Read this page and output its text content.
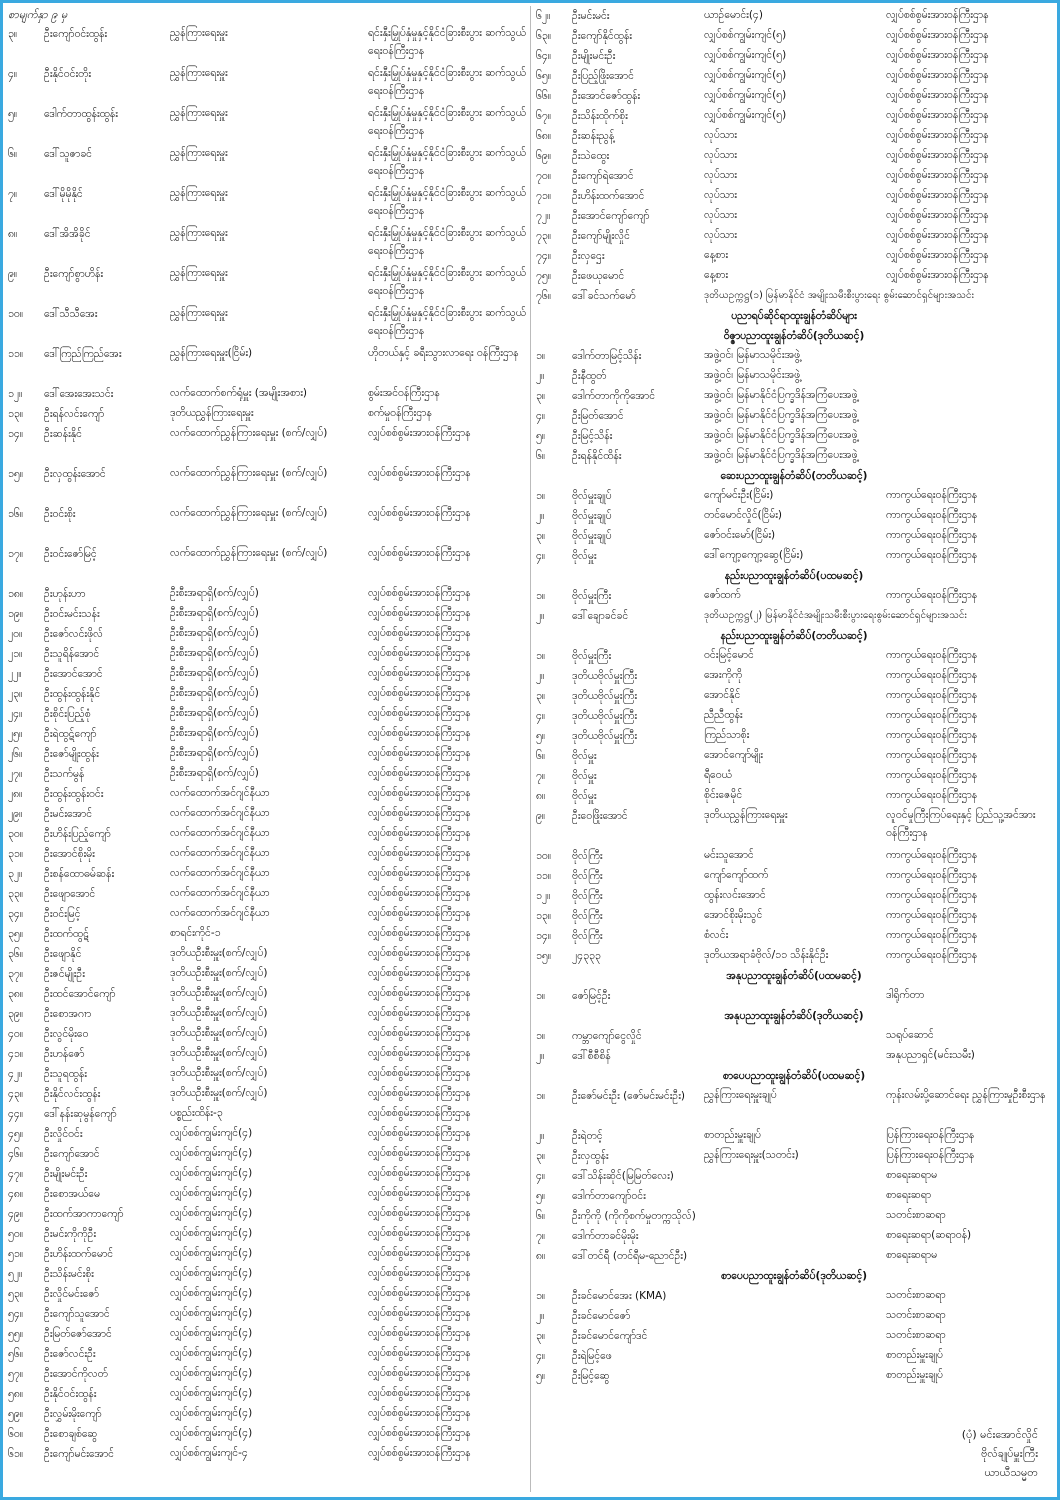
စာမျက်နှာ ၉ မှ
၃။	ဦးကျော်ဝင်းထွန်း	ညွှန်ကြားရေးမှူး	ရင်းနှီးမြှုပ်နှံမှုနှင့်နိုင်ငံခြားစီးပွား ဆက်သွယ်ရေးဝန်ကြီးဌာန
၄။	ဦးနိုင်ဝင်းတိုး	ညွှန်ကြားရေးမှူး	ရင်းနှီးမြှုပ်နှံမှုနှင့်နိုင်ငံခြားစီးပွား ဆက်သွယ်ရေးဝန်ကြီးဌာန
၅။	ဒေါက်တာထွန်းထွန်း	ညွှန်ကြားရေးမှူး	ရင်းနှီးမြှုပ်နှံမှုနှင့်နိုင်ငံခြားစီးပွား ဆက်သွယ်ရေးဝန်ကြီးဌာန
၆။	ဒေါ်သူဇာခင်	ညွှန်ကြားရေးမှူး	ရင်းနှီးမြှုပ်နှံမှုနှင့်နိုင်ငံခြားစီးပွား ဆက်သွယ်ရေးဝန်ကြီးဌာန
၇။	ဒေါ်မိုမိုနိုင်	ညွှန်ကြားရေးမှူး	ရင်းနှီးမြှုပ်နှံမှုနှင့်နိုင်ငံခြားစီးပွား ဆက်သွယ်ရေးဝန်ကြီးဌာန
၈။	ဒေါ်အိအိခိုင်	ညွှန်ကြားရေးမှူး	ရင်းနှီးမြှုပ်နှံမှုနှင့်နိုင်ငံခြားစီးပွား ဆက်သွယ်ရေးဝန်ကြီးဌာန
၉။	ဦးကျော်စွာဟိန်း	ညွှန်ကြားရေးမှူး	ရင်းနှီးမြှုပ်နှံမှုနှင့်နိုင်ငံခြားစီးပွား ဆက်သွယ်ရေးဝန်ကြီးဌာန
၁၀။	ဒေါ်သီသီအေး	ညွှန်ကြားရေးမှူး	ရင်းနှီးမြှုပ်နှံမှုနှင့်နိုင်ငံခြားစီးပွား ဆက်သွယ်ရေးဝန်ကြီးဌာန
၁၁။	ဒေါ်ကြည်ကြည်အေး	ညွှန်ကြားရေးမှူး(ငြိမ်း)	ဟိုတယ်နှင့် ခရီးသွားလာရေး ဝန်ကြီးဌာန
၁၂။	ဒေါ်အေးအေးသင်း	လက်ထောက်စက်ရုံမှူး (အမျိုးအစား)	စွမ်းအင်ဝန်ကြီးဌာန
၁၃။	ဦးရန်လင်းကျော်	ဒုတိယညွှန်ကြားရေးမှူး	စက်မှုဝန်ကြီးဌာန
၁၄။	ဦးဆန်းနိုင်	လက်ထောက်ညွှန်ကြားရေးမှူး (စက်/လျှပ်)	လျှပ်စစ်စွမ်းအားဝန်ကြီးဌာန
၁၅။	ဦးလှထွန်းအောင်	လက်ထောက်ညွှန်ကြားရေးမှူး (စက်/လျှပ်)	လျှပ်စစ်စွမ်းအားဝန်ကြီးဌာန
၁၆။	ဦးဝင်းစိုး	လက်ထောက်ညွှန်ကြားရေးမှူး (စက်/လျှပ်)	လျှပ်စစ်စွမ်းအားဝန်ကြီးဌာန
၁၇။	ဦးဝင်းဇော်မြင့်	လက်ထောက်ညွှန်ကြားရေးမှူး (စက်/လျှပ်)	လျှပ်စစ်စွမ်းအားဝန်ကြီးဌာန
၁၈။	ဦးဟုန်းဟာ	ဦးစီးအရာရှိ(စက်/လျှပ်)	လျှပ်စစ်စွမ်းအားဝန်ကြီးဌာန
၁၉။	ဦးဝင်းမင်းသန်း	ဦးစီးအရာရှိ(စက်/လျှပ်)	လျှပ်စစ်စွမ်းအားဝန်ကြီးဌာန
၂၀။	ဦးဇော်လင်းဖိုလ်	ဦးစီးအရာရှိ(စက်/လျှပ်)	လျှပ်စစ်စွမ်းအားဝန်ကြီးဌာန
၂၁။	ဦးသူရိန်အောင်	ဦးစီးအရာရှိ(စက်/လျှပ်)	လျှပ်စစ်စွမ်းအားဝန်ကြီးဌာန
၂၂။	ဦးအောင်အောင်	ဦးစီးအရာရှိ(စက်/လျှပ်)	လျှပ်စစ်စွမ်းအားဝန်ကြီးဌာန
၂၃။	ဦးထွန်းထွန်းနိုင်	ဦးစီးအရာရှိ(စက်/လျှပ်)	လျှပ်စစ်စွမ်းအားဝန်ကြီးဌာန
၂၄။	ဦးစိုင်းပြည့်စုံ	ဦးစီးအရာရှိ(စက်/လျှပ်)	လျှပ်စစ်စွမ်းအားဝန်ကြီးဌာန
၂၅။	ဦးရဲထွဋ်ကျော်	ဦးစီးအရာရှိ(စက်/လျှပ်)	လျှပ်စစ်စွမ်းအားဝန်ကြီးဌာန
၂၆။	ဦးဇော်မျိုးထွန်း	ဦးစီးအရာရှိ(စက်/လျှပ်)	လျှပ်စစ်စွမ်းအားဝန်ကြီးဌာန
၂၇။	ဦးသက်မွန်	ဦးစီးအရာရှိ(စက်/လျှပ်)	လျှပ်စစ်စွမ်းအားဝန်ကြီးဌာန
၂၈။	ဦးထွန်းထွန်းဝင်း	လက်ထောက်အင်ဂျင်နီယာ	လျှပ်စစ်စွမ်းအားဝန်ကြီးဌာန
၂၉။	ဦးမင်းအောင်	လက်ထောက်အင်ဂျင်နီယာ	လျှပ်စစ်စွမ်းအားဝန်ကြီးဌာန
၃၀။	ဦးဟိန်းပြည့်ကျော်	လက်ထောက်အင်ဂျင်နီယာ	လျှပ်စစ်စွမ်းအားဝန်ကြီးဌာန
၃၁။	ဦးအောင်စိုးမိုး	လက်ထောက်အင်ဂျင်နီယာ	လျှပ်စစ်စွမ်းအားဝန်ကြီးဌာန
၃၂။	ဦးစန်ထောဓမ်ဆန်း	လက်ထောက်အင်ဂျင်နီယာ	လျှပ်စစ်စွမ်းအားဝန်ကြီးဌာန
၃၃။	ဦးဖျောအောင်	လက်ထောက်အင်ဂျင်နီယာ	လျှပ်စစ်စွမ်းအားဝန်ကြီးဌာန
၃၄။	ဦးဝင်းမြင့်	လက်ထောက်အင်ဂျင်နီယာ	လျှပ်စစ်စွမ်းအားဝန်ကြီးဌာန
၃၅။	ဦးထက်ထွဋ်	စာရင်းကိုင်-၁	လျှပ်စစ်စွမ်းအားဝန်ကြီးဌာန
၃၆။	ဦးဖျောနိုင်	ဒုတိယဦးစီးမှူး(စက်/လျှပ်)	လျှပ်စစ်စွမ်းအားဝန်ကြီးဌာန
၃၇။	ဦးဇင်မျိုးဦး	ဒုတိယဦးစီးမှူး(စက်/လျှပ်)	လျှပ်စစ်စွမ်းအားဝန်ကြီးဌာန
၃၈။	ဦးထင်အောင်ကျော်	ဒုတိယဦးစီးမှူး(စက်/လျှပ်)	လျှပ်စစ်စွမ်းအားဝန်ကြီးဌာန
၃၉။	ဦးစောအဂၢာ	ဒုတိယဦးစီးမှူး(စက်/လျှပ်)	လျှပ်စစ်စွမ်းအားဝန်ကြီးဌာန
၄၀။	ဦးလွင်မိုးဝေ	ဒုတိယဦးစီးမှူး(စက်/လျှပ်)	လျှပ်စစ်စွမ်းအားဝန်ကြီးဌာန
၄၁။	ဦးဟန်ဇော်	ဒုတိယဦးစီးမှူး(စက်/လျှပ်)	လျှပ်စစ်စွမ်းအားဝန်ကြီးဌာန
၄၂။	ဦးသူရထွန်း	ဒုတိယဦးစီးမှူး(စက်/လျှပ်)	လျှပ်စစ်စွမ်းအားဝန်ကြီးဌာန
၄၃။	ဦးနိုင်လင်းထွန်း	ဒုတိယဦးစီးမှူး(စက်/လျှပ်)	လျှပ်စစ်စွမ်းအားဝန်ကြီးဌာန
၄၄။	ဒေါ်နန်းဆုမွန်ကျော်	ပစ္စည်းထိန်း-၃	လျှပ်စစ်စွမ်းအားဝန်ကြီးဌာန
၄၅။	ဦးလှိုင်ဝင်း	လျှပ်စစ်ကျွမ်းကျင်(၄)	လျှပ်စစ်စွမ်းအားဝန်ကြီးဌာန
၄၆။	ဦးကျော်အောင်	လျှပ်စစ်ကျွမ်းကျင်(၄)	လျှပ်စစ်စွမ်းအားဝန်ကြီးဌာန
၄၇။	ဦးမျိုးမင်းဦး	လျှပ်စစ်ကျွမ်းကျင်(၄)	လျှပ်စစ်စွမ်းအားဝန်ကြီးဌာန
၄၈။	ဦးစောအယ်မေ	လျှပ်စစ်ကျွမ်းကျင်(၄)	လျှပ်စစ်စွမ်းအားဝန်ကြီးဌာန
၄၉။	ဦးထက်အာကာကျော်	လျှပ်စစ်ကျွမ်းကျင်(၄)	လျှပ်စစ်စွမ်းအားဝန်ကြီးဌာန
၅၀။	ဦးမင်းကိုကိုဦး	လျှပ်စစ်ကျွမ်းကျင်(၄)	လျှပ်စစ်စွမ်းအားဝန်ကြီးဌာန
၅၁။	ဦးဟိန်းထက်မောင်	လျှပ်စစ်ကျွမ်းကျင်(၄)	လျှပ်စစ်စွမ်းအားဝန်ကြီးဌာန
၅၂။	ဦးသိန်းမင်းစိုး	လျှပ်စစ်ကျွမ်းကျင်(၄)	လျှပ်စစ်စွမ်းအားဝန်ကြီးဌာန
၅၃။	ဦးလှိုင်မင်းဇော်	လျှပ်စစ်ကျွမ်းကျင်(၄)	လျှပ်စစ်စွမ်းအားဝန်ကြီးဌာန
၅၄။	ဦးကျော်သူအောင်	လျှပ်စစ်ကျွမ်းကျင်(၄)	လျှပ်စစ်စွမ်းအားဝန်ကြီးဌာန
၅၅။	ဦးမြတ်ဇော်အောင်	လျှပ်စစ်ကျွမ်းကျင်(၄)	လျှပ်စစ်စွမ်းအားဝန်ကြီးဌာန
၅၆။	ဦးဇော်လင်းဦး	လျှပ်စစ်ကျွမ်းကျင်(၄)	လျှပ်စစ်စွမ်းအားဝန်ကြီးဌာန
၅၇။	ဦးအောင်ကိုလတ်	လျှပ်စစ်ကျွမ်းကျင်(၄)	လျှပ်စစ်စွမ်းအားဝန်ကြီးဌာန
၅၈။	ဦးနိုင်ဝင်းထွန်း	လျှပ်စစ်ကျွမ်းကျင်(၄)	လျှပ်စစ်စွမ်းအားဝန်ကြီးဌာန
၅၉။	ဦးလွှမ်းမိုးကျော်	လျှပ်စစ်ကျွမ်းကျင်(၄)	လျှပ်စစ်စွမ်းအားဝန်ကြီးဌာန
၆၀။	ဦးစောချစ်ဆွေ	လျှပ်စစ်ကျွမ်းကျင်(၄)	လျှပ်စစ်စွမ်းအားဝန်ကြီးဌာန
၆၁။	ဦးကျော်မင်းအောင်	လျှပ်စစ်ကျွမ်းကျင်-၄	လျှပ်စစ်စွမ်းအားဝန်ကြီးဌာန
၆၂။	ဦးမင်းမင်း	ယာဉ်မောင်း(၄)	လျှပ်စစ်စွမ်းအားဝန်ကြီးဌာန
၆၃။	ဦးကျော်နိုင်ထွန်း	လျှပ်စစ်ကျွမ်းကျင်(၅)	လျှပ်စစ်စွမ်းအားဝန်ကြီးဌာန
၆၄။	ဦးမျိုးမင်းဦး	လျှပ်စစ်ကျွမ်းကျင်(၅)	လျှပ်စစ်စွမ်းအားဝန်ကြီးဌာန
၆၅။	ဦးပြည့်ဖြိုးအောင်	လျှပ်စစ်ကျွမ်းကျင်(၅)	လျှပ်စစ်စွမ်းအားဝန်ကြီးဌာန
၆၆။	ဦးအောင်ဇော်ထွန်း	လျှပ်စစ်ကျွမ်းကျင်(၅)	လျှပ်စစ်စွမ်းအားဝန်ကြီးဌာန
၆၇။	ဦးသိန်းထိုက်စိုး	လျှပ်စစ်ကျွမ်းကျင်(၅)	လျှပ်စစ်စွမ်းအားဝန်ကြီးဌာန
၆၈။	ဦးဆန်းညွန့်	လုပ်သား	လျှပ်စစ်စွမ်းအားဝန်ကြီးဌာန
၆၉။	ဦးသဲထွေး	လုပ်သား	လျှပ်စစ်စွမ်းအားဝန်ကြီးဌာန
၇၀။	ဦးကျော်ရဲအောင်	လုပ်သား	လျှပ်စစ်စွမ်းအားဝန်ကြီးဌာန
၇၁။	ဦးဟိန်းထက်အောင်	လုပ်သား	လျှပ်စစ်စွမ်းအားဝန်ကြီးဌာန
၇၂။	ဦးအောင်ကျော်ကျော်	လုပ်သား	လျှပ်စစ်စွမ်းအားဝန်ကြီးဌာန
၇၃။	ဦးကျော်မျိုးလှိုင်	လုပ်သား	လျှပ်စစ်စွမ်းအားဝန်ကြီးဌာန
၇၄။	ဦးလှဌေး	နေ့စား	လျှပ်စစ်စွမ်းအားဝန်ကြီးဌာန
၇၅။	ဦးဖေယုမောင်	နေ့စား	လျှပ်စစ်စွမ်းအားဝန်ကြီးဌာန
၇၆။	ဒေါ်ခင်သက်မော်	ဒုတိယဥက္ကဋ္ဌ(၁) မြန်မာနိုင်ငံ အမျိုးသမီးစီးပွားရေး စွမ်းဆောင်ရှင်များအသင်း
ပညာရပ်ဆိုင်ရာထူးချွန်တံဆိပ်များ
ဝိဇ္ဇာပညာထူးချွန်တံဆိပ်(ဒုတိယဆင့်)
၁။	ဒေါက်တာမြင့်သိန်း	အဖွဲ့ဝင်၊ မြန်မာသမိုင်းအဖွဲ့
၂။	ဦးနီထွတ်	အဖွဲ့ဝင်၊ မြန်မာသမိုင်းအဖွဲ့
၃။	ဒေါက်တာကိုကိုအောင်	အဖွဲ့ဝင်၊ မြန်မာနိုင်ငံပြက္ခဒိန်အကြံပေးအဖွဲ့
၄။	ဦးမြတ်အောင်	အဖွဲ့ဝင်၊ မြန်မာနိုင်ငံပြက္ခဒိန်အကြံပေးအဖွဲ့
၅။	ဦးမြင့်သိန်း	အဖွဲ့ဝင်၊ မြန်မာနိုင်ငံပြက္ခဒိန်အကြံပေးအဖွဲ့
၆။	ဦးရန်နိုင်ထိန်း	အဖွဲ့ဝင်၊ မြန်မာနိုင်ငံပြက္ခဒိန်အကြံပေးအဖွဲ့
ဆေးပညာထူးချွန်တံဆိပ်(တတိယဆင့်)
၁။	ဗိုလ်မှူးချုပ်	ကျော်မင်းဦး(ငြိမ်း)	ကာကွယ်ရေးဝန်ကြီးဌာန
၂။	ဗိုလ်မှူးချုပ်	တင်မောင်လှိုင်(ငြိမ်း)	ကာကွယ်ရေးဝန်ကြီးဌာန
၃။	ဗိုလ်မှူးချုပ်	ဇော်ဝင်းမော်(ငြိမ်း)	ကာကွယ်ရေးဝန်ကြီးဌာန
၄။	ဗိုလ်မှူး	ဒေါ်ကျော့ကျော့ဆွေ(ငြိမ်း)	ကာကွယ်ရေးဝန်ကြီးဌာန
နည်းပညာထူးချွန်တံဆိပ်(ပထမဆင့်)
၁။	ဗိုလ်မှူးကြီး	ဇော်ထက်	ကာကွယ်ရေးဝန်ကြီးဌာန
၂။	ဒေါ်ချောခင်ခင်	ဒုတိယဥက္ကဋ္ဌ(၂) မြန်မာနိုင်ငံအမျိုးသမီးစီးပွားရေးစွမ်းဆောင်ရှင်များအသင်း
နည်းပညာထူးချွန်တံဆိပ်(တတိယဆင့်)
၁။	ဗိုလ်မှူးကြီး	ဝင်းမြင့်မောင်	ကာကွယ်ရေးဝန်ကြီးဌာန
၂။	ဒုတိယဗိုလ်မှူးကြီး	အေးကိုကို	ကာကွယ်ရေးဝန်ကြီးဌာန
၃။	ဒုတိယဗိုလ်မှူးကြီး	အောင်နိုင်	ကာကွယ်ရေးဝန်ကြီးဌာန
၄။	ဒုတိယဗိုလ်မှူးကြီး	ညီညီထွန်း	ကာကွယ်ရေးဝန်ကြီးဌာန
၅။	ဒုတိယဗိုလ်မှူးကြီး	ကြည်သာစိုး	ကာကွယ်ရေးဝန်ကြီးဌာန
၆။	ဗိုလ်မှူး	အောင်ကျော်မျိုး	ကာကွယ်ရေးဝန်ကြီးဌာန
၇။	ဗိုလ်မှူး	ရီဝေယံ	ကာကွယ်ရေးဝန်ကြီးဌာန
၈။	ဗိုလ်မှူး	စိုင်းဇေမိုင်	ကာကွယ်ရေးဝန်ကြီးဌာန
၉။	ဦးဝေဖြိုးအောင်	ဒုတိယညွှန်ကြားရေးမှူး	လူဝင်မှုကြီးကြပ်ရေးနှင့် ပြည်သူ့အင်အားဝန်ကြီးဌာန
၁၀။	ဗိုလ်ကြီး	မင်းသူအောင်	ကာကွယ်ရေးဝန်ကြီးဌာန
၁၁။	ဗိုလ်ကြီး	ကျော်ကျော်ထက်	ကာကွယ်ရေးဝန်ကြီးဌာန
၁၂။	ဗိုလ်ကြီး	ထွန်းလင်းအောင်	ကာကွယ်ရေးဝန်ကြီးဌာန
၁၃။	ဗိုလ်ကြီး	အောင်စိုးမိုးသွင်	ကာကွယ်ရေးဝန်ကြီးဌာန
၁၄။	ဗိုလ်ကြီး	စံလင်း	ကာကွယ်ရေးဝန်ကြီးဌာန
၁၅။	၂၄၃၃၃	ဒုတိယအရာခံဗိုလ်/၁၁ သိန်းနိုင်ဦး	ကာကွယ်ရေးဝန်ကြီးဌာန
အနုပညာထူးချွန်တံဆိပ်(ပထမဆင့်)
၁။	ဇော်မြင့်ဦး	ဒါရိုက်တာ
အနုပညာထူးချွန်တံဆိပ်(ဒုတိယဆင့်)
၁။	ကမ္ဘာကျော်ငွေလှိုင်	သရုပ်ဆောင်
၂။	ဒေါ်စီစီစိန်	အနုပညာရှင်(မင်းသမီး)
စာပေပညာထူးချွန်တံဆိပ်(ပထမဆင့်)
၁။	ဦးဇော်မင်းဦး (ဇော်မင်းမင်းဦး)	ညွှန်ကြားရေးမှူးချုပ်	ကုန်းလမ်းပို့ဆောင်ရေး ညွှန်ကြားမှုဦးစီးဌာန
၂။	ဦးရဲတင့်	စာတည်းမှူးချုပ်	ပြန်ကြားရေးဝန်ကြီးဌာန
၃။	ဦးလှထွန်း	ညွှန်ကြားရေးမှူး(သတင်း)	ပြန်ကြားရေးဝန်ကြီးဌာန
၄။	ဒေါ်သိန်းဆိုင်(မြမြတ်လေး)	စာရေးဆရာမ
၅။	ဒေါက်တာကျော်ဝင်း	စာရေးဆရာ
၆။	ဦးကိုကို (ကိုကိုစက်မှုတက္ကသိုလ်)	သတင်းစာဆရာ
၇။	ဒေါက်တာခင်မိုးမိုး	စာရေးဆရာ(ဆရာဝန်)
၈။	ဒေါ်တင်ရီ (တင်ရီမ-ညောင်ဦး)	စာရေးဆရာမ
စာပေပညာထူးချွန်တံဆိပ်(ဒုတိယဆင့်)
၁။	ဦးခင်မောင်အေး (KMA)	သတင်းစာဆရာ
၂။	ဦးခင်မောင်ဇော်	သတင်းစာဆရာ
၃။	ဦးခင်မောင်ကျော်ဒင်	သတင်းစာဆရာ
၄။	ဦးရဲမြင့်ဖေ	စာတည်းမှူးချုပ်
၅။	ဦးမြင့်ဆွေ	စာတည်းမှူးချုပ်
(ပုံ) မင်းအောင်လှိုင်
ဗိုလ်ချုပ်မှူးကြီး
ယာယီသမ္မတ
